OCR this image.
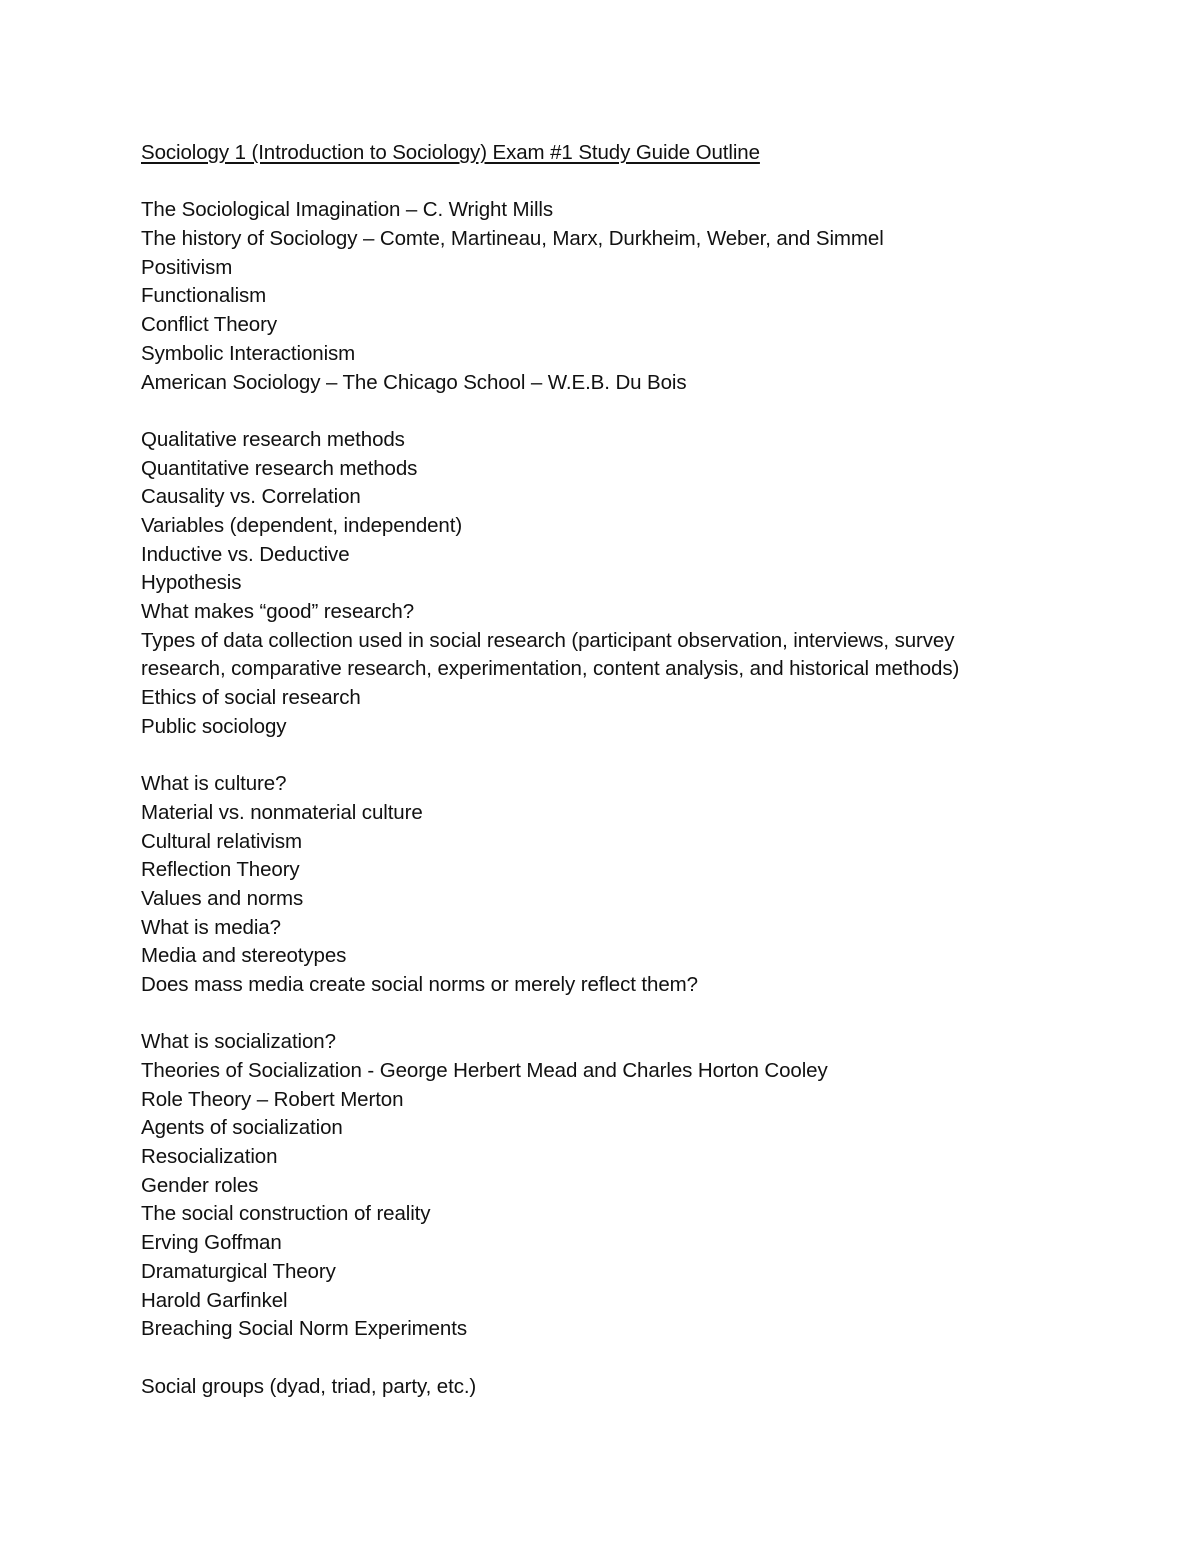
Sociology 1 (Introduction to Sociology) Exam #1 Study Guide Outline
The Sociological Imagination – C. Wright Mills
The history of Sociology – Comte, Martineau, Marx, Durkheim, Weber, and Simmel
Positivism
Functionalism
Conflict Theory
Symbolic Interactionism
American Sociology – The Chicago School – W.E.B. Du Bois
Qualitative research methods
Quantitative research methods
Causality vs. Correlation
Variables (dependent, independent)
Inductive vs. Deductive
Hypothesis
What makes “good” research?
Types of data collection used in social research (participant observation, interviews, survey
research, comparative research, experimentation, content analysis, and historical methods)
Ethics of social research
Public sociology
What is culture?
Material vs. nonmaterial culture
Cultural relativism
Reflection Theory
Values and norms
What is media?
Media and stereotypes
Does mass media create social norms or merely reflect them?
What is socialization?
Theories of Socialization - George Herbert Mead and Charles Horton Cooley
Role Theory – Robert Merton
Agents of socialization
Resocialization
Gender roles
The social construction of reality
Erving Goffman
Dramaturgical Theory
Harold Garfinkel
Breaching Social Norm Experiments
Social groups (dyad, triad, party, etc.)
